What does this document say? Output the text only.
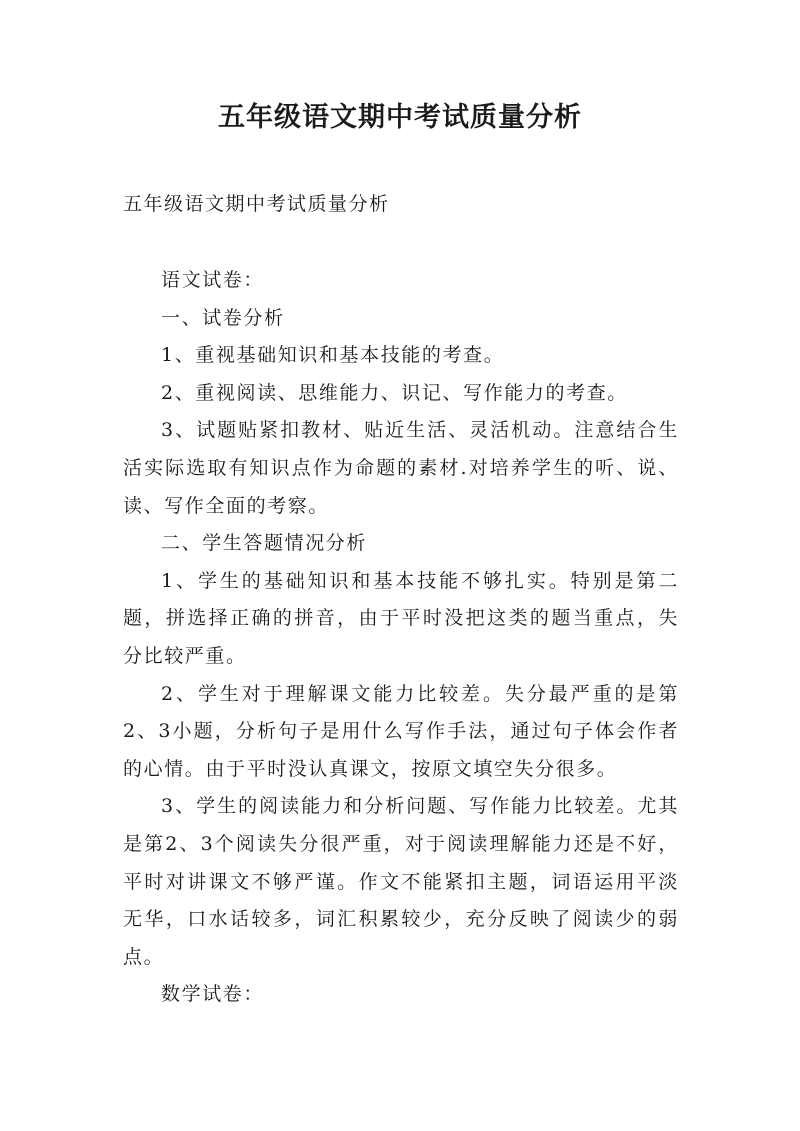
五年级语文期中考试质量分析

五年级语文期中考试质量分析

语文试卷：

一、试卷分析

1、重视基础知识和基本技能的考查。

2、重视阅读、思维能力、识记、写作能力的考查。

3、试题贴紧扣教材、贴近生活、灵活机动。注意结合生活实际选取有知识点作为命题的素材.对培养学生的听、说、读、写作全面的考察。

二、学生答题情况分析

1、学生的基础知识和基本技能不够扎实。特别是第二题，拼选择正确的拼音，由于平时没把这类的题当重点，失分比较严重。

2、学生对于理解课文能力比较差。失分最严重的是第2、3小题，分析句子是用什么写作手法，通过句子体会作者的心情。由于平时没认真课文，按原文填空失分很多。

3、学生的阅读能力和分析问题、写作能力比较差。尤其是第2、3个阅读失分很严重，对于阅读理解能力还是不好，平时对讲课文不够严谨。作文不能紧扣主题，词语运用平淡无华，口水话较多，词汇积累较少，充分反映了阅读少的弱点。

数学试卷：
